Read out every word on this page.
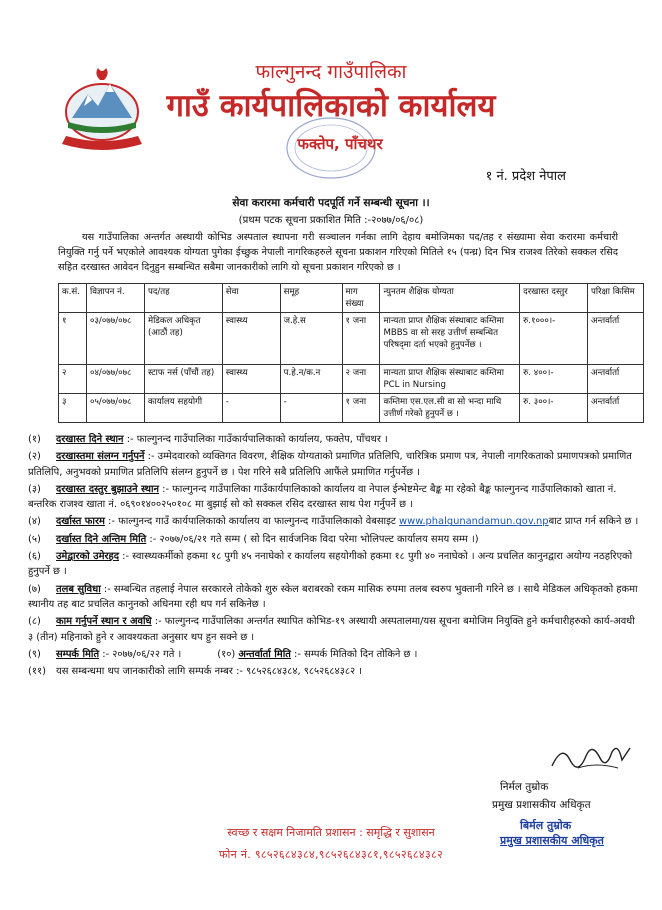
फाल्गुनन्द गाउँपालिका
गाउँ कार्यपालिकाको कार्यालय
फक्तेप, पाँचथर
१ नं. प्रदेश नेपाल
सेवा करारमा कर्मचारी पदपूर्ति गर्ने सम्बन्धी सूचना ।।
(प्रथम पटक सूचना प्रकाशित मिति :-२०७७/०६/०८)
यस गाउँपालिका अन्तर्गत अस्थायी कोभिड अस्पताल स्थापना गरी सञ्चालन गर्नका लागि देहाय बमोजिमका पद/तह र संख्यामा सेवा करारमा कर्मचारी नियुक्ति गर्नु पर्ने भएकोले आवश्यक योग्यता पुगेका ईच्छुक नेपाली नागरिकहरुले सूचना प्रकाशन गरिएको मितिले १५ (पन्ध्र) दिन भित्र राजश्व तिरेको सक्कल रसिद सहित दरखास्त आवेदन दिनुहुन सम्बन्धित सबैमा जानकारीको लागि यो सूचना प्रकाशन गरिएको छ ।
क.सं.	विज्ञापन नं.	पद/तह	सेवा	समूह	माग संख्या	न्युनतम शैक्षिक योग्यता	दरखास्त दस्तुर	परिक्षा किसिम
१	०३/०७७/०७८	मेडिकल अधिकृत (आठौं तह)	स्वास्थ्य	ज.हे.स	१ जना	मान्यता प्राप्त शैक्षिक संस्थाबाट कम्तिमा MBBS वा सो सरह उत्तीर्ण सम्बन्धित परिषद्‌मा दर्ता भएको हुनुपर्नेछ ।	रु.१०००।-	अन्तर्वार्ता
२	०४/०७७/०७८	स्टाफ नर्स (पाँचौं तह)	स्वास्थ्य	प.हे.न/क.न	२ जना	मान्यता प्राप्त शैक्षिक संस्थाबाट कम्तिमा PCL in Nursing	रु. ४००।-	अन्तर्वार्ता
३	०५/०७७/०७८	कार्यालय सहयोगी	-	-	१ जना	कम्तिमा एस.एल.सी वा सो भन्दा माथि उत्तीर्ण गरेको हुनुपर्ने छ ।	रु. ३००।-	अन्तर्वार्ता
(१) दरखास्त दिने स्थान :- फाल्गुनन्द गाउँपालिका गाउँकार्यपालिकाको कार्यालय, फक्तेप, पाँचथर ।
(२) दरखास्तमा संलग्न गर्नुपर्ने :- उम्मेदवारको व्यक्तिगत विवरण, शैक्षिक योग्यताको प्रमाणित प्रतिलिपि, चारित्रिक प्रमाण पत्र, नेपाली नागरिकताको प्रमाणपत्रको प्रमाणित प्रतिलिपि, अनुभवको प्रमाणित प्रतिलिपि संलग्न हुनुपर्ने छ । पेश गरिने सबै प्रतिलिपि आफैंले प्रमाणित गर्नुपर्नेछ ।
(३) दरखास्त दस्तुर बुझाउने स्थान :- फाल्गुनन्द गाउँपालिका गाउँकार्यपालिकाको कार्यालय वा नेपाल ईन्भेष्टमेन्ट बैङ्क मा रहेको बैङ्क फाल्गुनन्द गाउँपालिकाको खाता नं. बन्तरिक राजश्व खाता नं. ०६९०१४००२५०१०८ मा बुझाई सो को सक्कल रसिद दरखास्त साथ पेश गर्नुपर्ने छ ।
(४) दर्खास्त फारम :- फाल्गुनन्द गाउँ कार्यपालिकाको कार्यालय वा फाल्गुनन्द गाउँपालिकाको वेबसाइट www.phalgunandamun.gov.npबाट प्राप्त गर्न सकिने छ ।
(५) दर्खास्त दिने अन्तिम मिति :- २०७७/०६/२१ गते सम्म ( सो दिन सार्वजनिक विदा परेमा भोलिपल्ट कार्यालय समय सम्म ।)
(६) उमेद्वारको उमेरहद :- स्वास्थ्यकर्मीको हकमा १८ पुगी ४५ ननाघेको र कार्यालय सहयोगीको हकमा १८ पुगी ४० ननाघेको । अन्य प्रचलित कानुनद्वारा अयोग्य नठहरिएको हुनुपर्ने छ ।
(७) तलब सुविधा :- सम्बन्धित तहलाई नेपाल सरकारले तोकेको शुरु स्केल बराबरको रकम मासिक रुपमा तलब स्वरुप भुक्तानी गरिने छ । साथै मेडिकल अधिकृतको हकमा स्थानीय तह बाट प्रचलित कानुनको अधिनमा रही थप गर्न सकिनेछ ।
(८) काम गर्नुपर्ने स्थान र अवधि :- फाल्गुनन्द गाउँपालिका अन्तर्गत स्थापित कोभिड-१९ अस्थायी अस्पतालमा/यस सूचना बमोजिम नियुक्ति हुने कर्मचारीहरुको कार्य-अवधी ३ (तीन) महिनाको हुने र आवश्यकता अनुसार थप हुन सक्ने छ ।
(९) सम्पर्क मिति :- २०७७/०६/२२ गते ।	(१०) अन्तर्वार्ता मिति :- सम्पर्क मितिको दिन तोकिने छ ।
(११) यस सम्बन्धमा थप जानकारीको लागि सम्पर्क नम्बर :- ९८५२६८४३८४, ९८५२६८४३८२ ।
निर्मल तुम्रोक
प्रमुख प्रशासकीय अधिकृत
बिर्मल तुम्रोक
प्रमुख प्रशासकीय अधिकृत
स्वच्छ र सक्षम निजामति प्रशासन : समृद्धि र सुशासन
फोन नं. ९८५२६८४३८४,९८५२६८४३८१,९८५२६८४३८२
